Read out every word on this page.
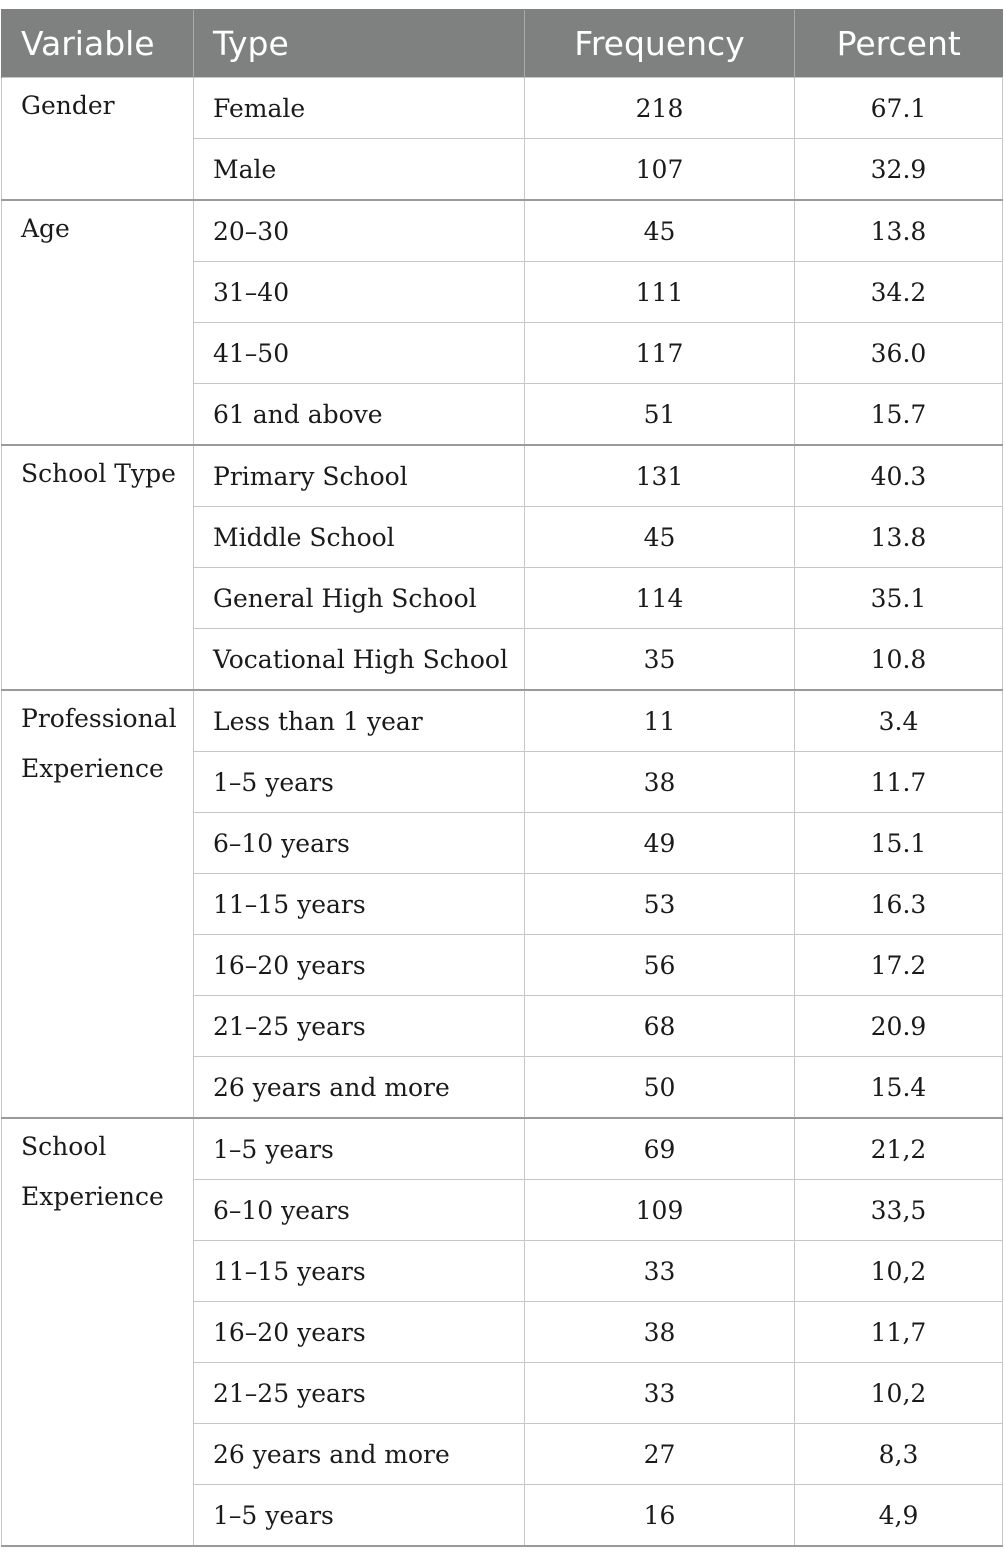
Variable	Type	Frequency	Percent

Gender	Female	218	67.1
	Male	107	32.9

Age	20–30	45	13.8
	31–40	111	34.2
	41–50	117	36.0
	61 and above	51	15.7

School Type	Primary School	131	40.3
	Middle School	45	13.8
	General High School	114	35.1
	Vocational High School	35	10.8

Professional Experience	Less than 1 year	11	3.4
	1–5 years	38	11.7
	6–10 years	49	15.1
	11–15 years	53	16.3
	16–20 years	56	17.2
	21–25 years	68	20.9
	26 years and more	50	15.4

School Experience	1–5 years	69	21,2
	6–10 years	109	33,5
	11–15 years	33	10,2
	16–20 years	38	11,7
	21–25 years	33	10,2
	26 years and more	27	8,3
	1–5 years	16	4,9
